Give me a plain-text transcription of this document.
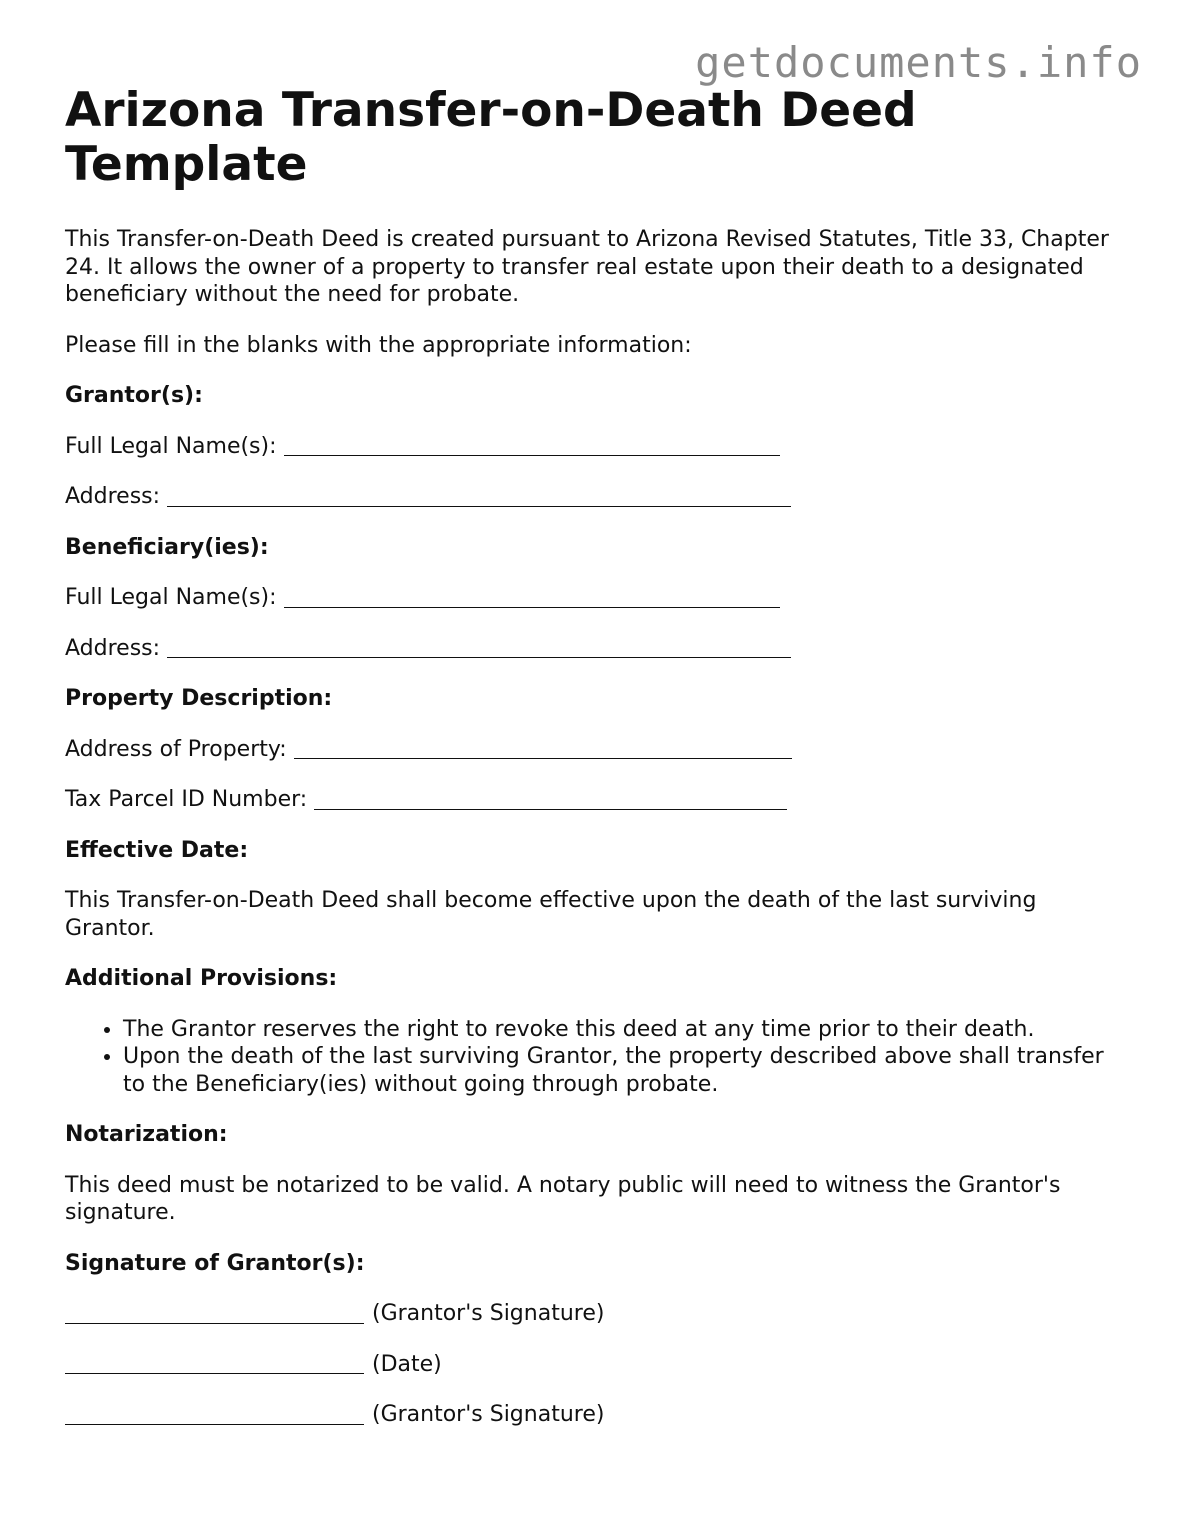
getdocuments.info
Arizona Transfer-on-Death Deed Template

This Transfer-on-Death Deed is created pursuant to Arizona Revised Statutes, Title 33, Chapter 24. It allows the owner of a property to transfer real estate upon their death to a designated beneficiary without the need for probate.

Please fill in the blanks with the appropriate information:

Grantor(s):

Full Legal Name(s):
Address:

Beneficiary(ies):

Full Legal Name(s):
Address:

Property Description:

Address of Property:
Tax Parcel ID Number:

Effective Date:

This Transfer-on-Death Deed shall become effective upon the death of the last surviving Grantor.

Additional Provisions:

• The Grantor reserves the right to revoke this deed at any time prior to their death.
• Upon the death of the last surviving Grantor, the property described above shall transfer to the Beneficiary(ies) without going through probate.

Notarization:

This deed must be notarized to be valid. A notary public will need to witness the Grantor's signature.

Signature of Grantor(s):

(Grantor's Signature)
(Date)
(Grantor's Signature)
